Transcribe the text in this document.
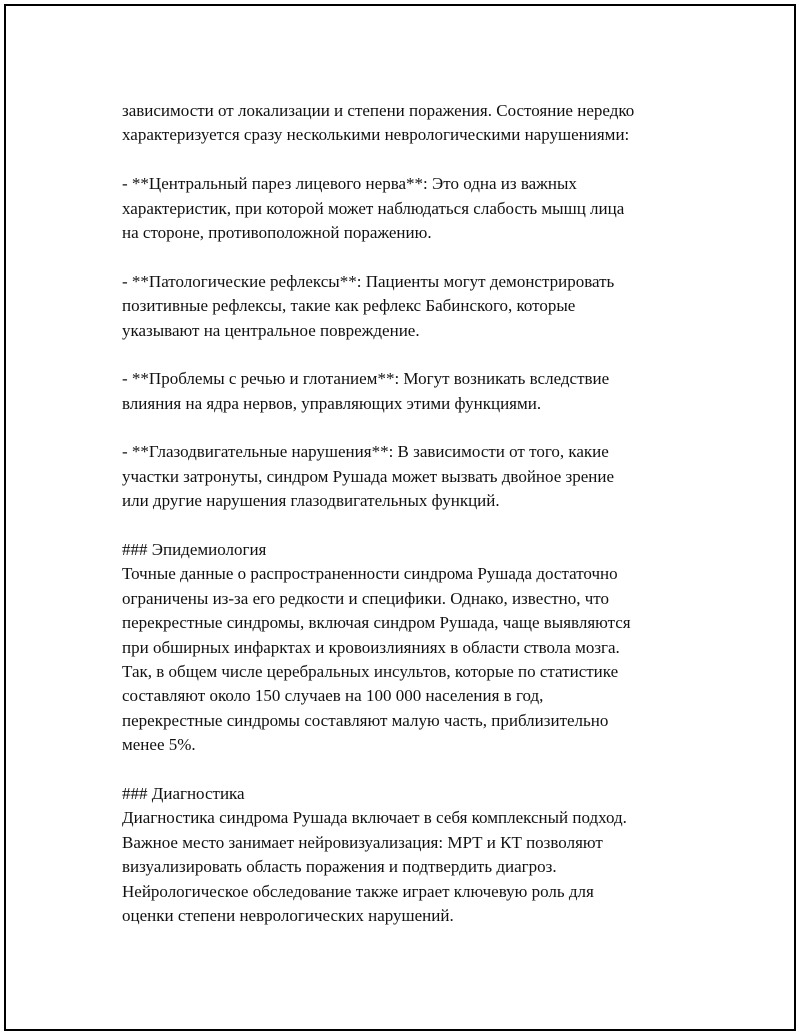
зависимости от локализации и степени поражения. Состояние нередко
характеризуется сразу несколькими неврологическими нарушениями:
- **Центральный парез лицевого нерва**: Это одна из важных
характеристик, при которой может наблюдаться слабость мышц лица
на стороне, противоположной поражению.
- **Патологические рефлексы**: Пациенты могут демонстрировать
позитивные рефлексы, такие как рефлекс Бабинского, которые
указывают на центральное повреждение.
- **Проблемы с речью и глотанием**: Могут возникать вследствие
влияния на ядра нервов, управляющих этими функциями.
- **Глазодвигательные нарушения**: В зависимости от того, какие
участки затронуты, синдром Рушада может вызвать двойное зрение
или другие нарушения глазодвигательных функций.
### Эпидемиология
Точные данные о распространенности синдрома Рушада достаточно
ограничены из-за его редкости и специфики. Однако, известно, что
перекрестные синдромы, включая синдром Рушада, чаще выявляются
при обширных инфарктах и кровоизлияниях в области ствола мозга.
Так, в общем числе церебральных инсультов, которые по статистике
составляют около 150 случаев на 100 000 населения в год,
перекрестные синдромы составляют малую часть, приблизительно
менее 5%.
### Диагностика
Диагностика синдрома Рушада включает в себя комплексный подход.
Важное место занимает нейровизуализация: МРТ и КТ позволяют
визуализировать область поражения и подтвердить диагроз.
Нейрологическое обследование также играет ключевую роль для
оценки степени неврологических нарушений.
